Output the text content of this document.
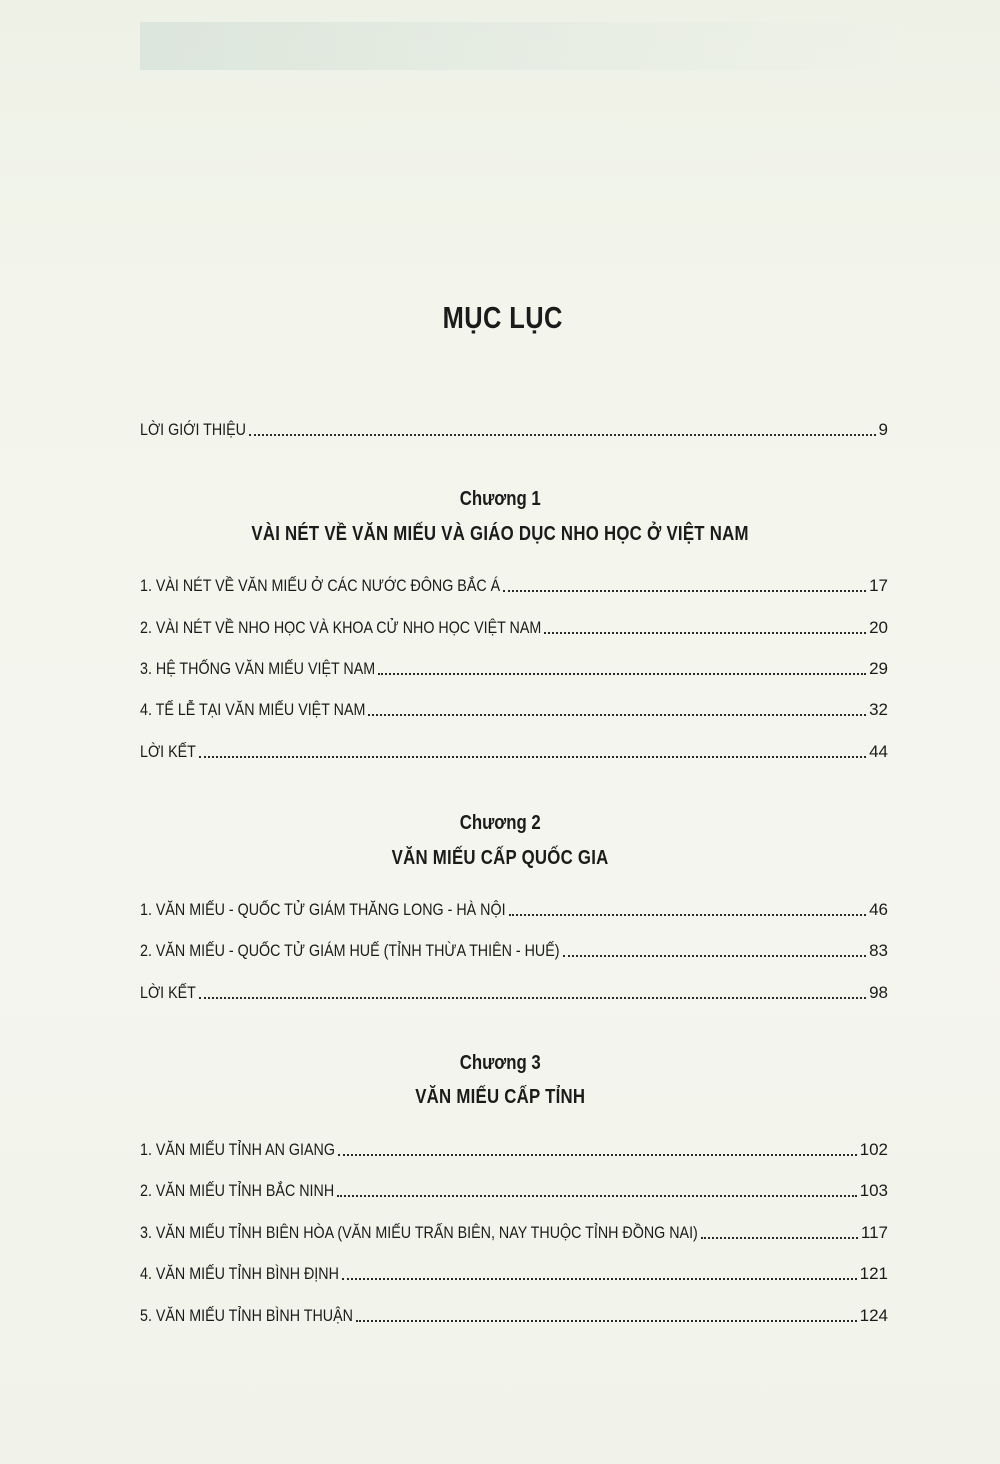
MỤC LỤC
LỜI GIỚI THIỆU	9
Chương 1
VÀI NÉT VỀ VĂN MIẾU VÀ GIÁO DỤC NHO HỌC Ở VIỆT NAM
1. VÀI NÉT VỀ VĂN MIẾU Ở CÁC NƯỚC ĐÔNG BẮC Á	17
2. VÀI NÉT VỀ NHO HỌC VÀ KHOA CỬ NHO HỌC VIỆT NAM	20
3. HỆ THỐNG VĂN MIẾU VIỆT NAM	29
4. TẾ LỄ TẠI VĂN MIẾU VIỆT NAM	32
LỜI KẾT	44
Chương 2
VĂN MIẾU CẤP QUỐC GIA
1. VĂN MIẾU - QUỐC TỬ GIÁM THĂNG LONG - HÀ NỘI	46
2. VĂN MIẾU - QUỐC TỬ GIÁM HUẾ (TỈNH THỪA THIÊN - HUẾ)	83
LỜI KẾT	98
Chương 3
VĂN MIẾU CẤP TỈNH
1. VĂN MIẾU TỈNH AN GIANG	102
2. VĂN MIẾU TỈNH BẮC NINH	103
3. VĂN MIẾU TỈNH BIÊN HÒA (VĂN MIẾU TRẤN BIÊN, NAY THUỘC TỈNH ĐỒNG NAI)	117
4. VĂN MIẾU TỈNH BÌNH ĐỊNH	121
5. VĂN MIẾU TỈNH BÌNH THUẬN	124
